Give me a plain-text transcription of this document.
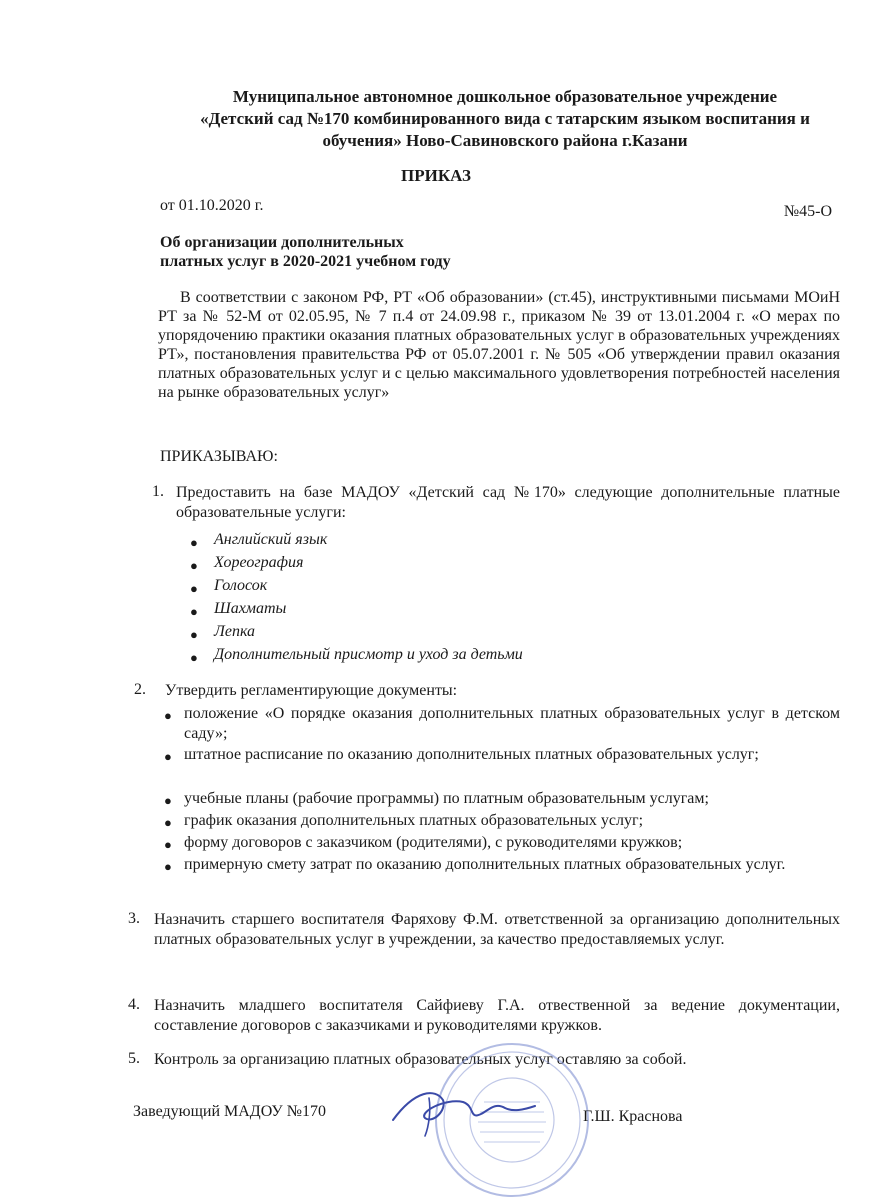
Муниципальное автономное дошкольное образовательное учреждение
«Детский сад №170 комбинированного вида с татарским языком воспитания и
обучения» Ново-Савиновского района г.Казани
ПРИКАЗ
от 01.10.2020 г.	№45-О
Об организации дополнительных
платных услуг в 2020-2021 учебном году
В соответствии с законом РФ, РТ «Об образовании» (ст.45), инструктивными письмами МОиН РТ за № 52-М от 02.05.95, № 7 п.4 от 24.09.98 г., приказом № 39 от 13.01.2004 г. «О мерах по упорядочению практики оказания платных образовательных услуг в образовательных учреждениях РТ», постановления правительства РФ от 05.07.2001 г. № 505 «Об утверждении правил оказания платных образовательных услуг и с целью максимального удовлетворения потребностей населения на рынке образовательных услуг»
ПРИКАЗЫВАЮ:
1. Предоставить на базе МАДОУ «Детский сад №170» следующие дополнительные платные образовательные услуги:
● Английский язык
● Хореография
● Голосок
● Шахматы
● Лепка
● Дополнительный присмотр и уход за детьми
2. Утвердить регламентирующие документы:
● положение «О порядке оказания дополнительных платных образовательных услуг в детском саду»;
● штатное расписание по оказанию дополнительных платных образовательных услуг;
● учебные планы (рабочие программы) по платным образовательным услугам;
● график оказания дополнительных платных образовательных услуг;
● форму договоров с заказчиком (родителями), с руководителями кружков;
● примерную смету затрат по оказанию дополнительных платных образовательных услуг.
3. Назначить старшего воспитателя Фаряхову Ф.М. ответственной за организацию дополнительных платных образовательных услуг в учреждении, за качество предоставляемых услуг.
4. Назначить младшего воспитателя Сайфиеву Г.А. отвественной за ведение документации, составление договоров с заказчиками и руководителями кружков.
5. Контроль за организацию платных образовательных услуг оставляю за собой.
Заведующий МАДОУ №170	Г.Ш. Краснова
